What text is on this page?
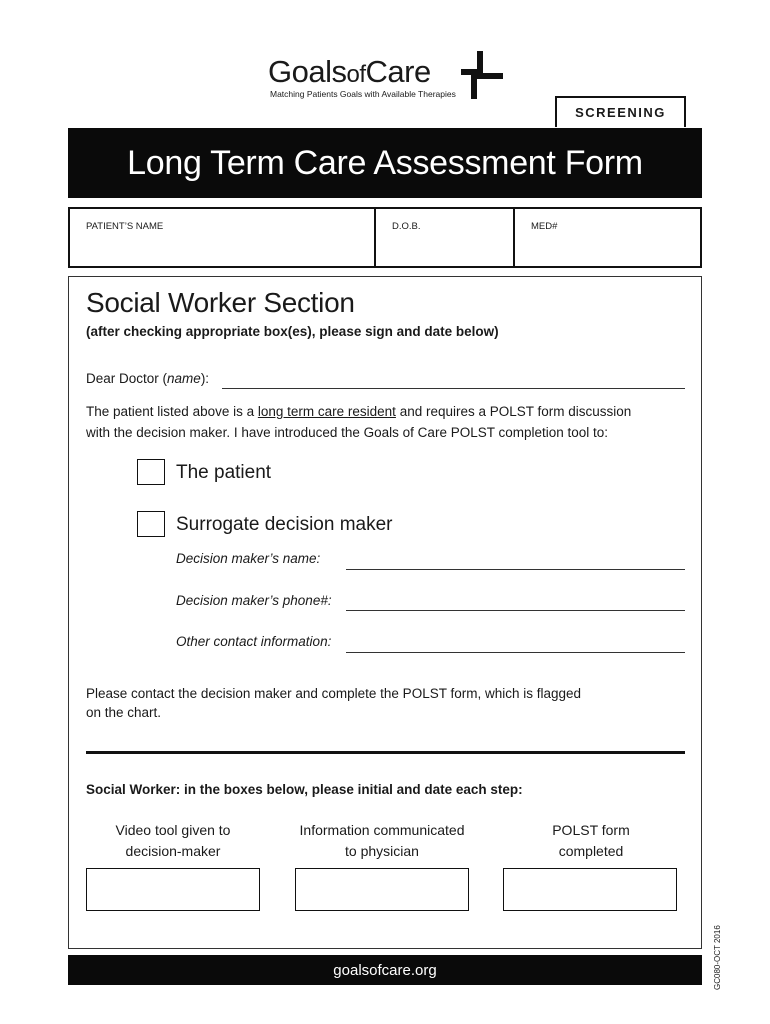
GoalsofCare
Matching Patients Goals with Available Therapies
SCREENING
Long Term Care Assessment Form
PATIENT’S NAME	D.O.B.	MED#
Social Worker Section
(after checking appropriate box(es), please sign and date below)
Dear Doctor (name):
The patient listed above is a long term care resident and requires a POLST form discussion
with the decision maker. I have introduced the Goals of Care POLST completion tool to:
The patient
Surrogate decision maker
Decision maker’s name:
Decision maker’s phone#:
Other contact information:
Please contact the decision maker and complete the POLST form, which is flagged
on the chart.
Social Worker: in the boxes below, please initial and date each step:
Video tool given to
decision-maker
Information communicated
to physician
POLST form
completed
GC080-OCT 2016
goalsofcare.org
